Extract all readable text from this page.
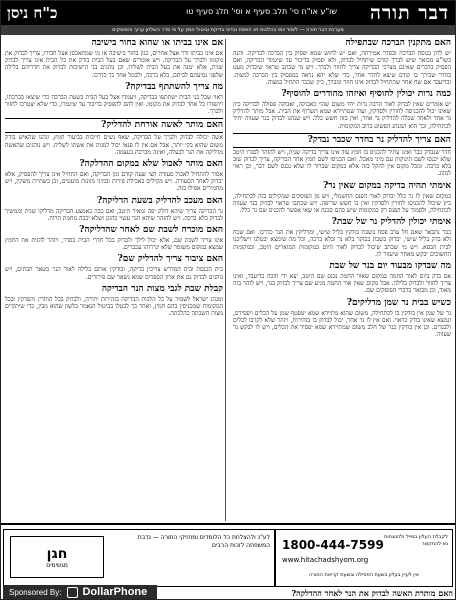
דבר תורה
שו"ע או"ח סי' תלב סעיף א וסי' תלג סעיף טו
כ"ח ניסן
מערכת דבר תורה — לימוד יומי בהלכות חג הפסח ובדיני בדיקת וביטול חמץ על פי סדר השלחן ערוך והפוסקים
האם מתקנין הברכה שבתפילה
יש לדון בנוסח הברכה ובסדר אמירתה, ואם יש לחוש שמא יפסיק בין הברכה לבדיקה. והנה בשו"ע מבואר שיש לברך קודם שיתחיל לבדוק, ולא יפסיק בדיבור עד שיגמור הבדיקה, ואם הפסיק בדברים שאינם מצרכי הבדיקה צריך לחזור ולברך. ויש מי שכתב שראוי שיבדוק מעט בחדר שבירך בו קודם שיצא לחדר אחר, כדי שלא יהא נראה כמפסיק בין הברכה למצוה. ובדיעבד אם שח אחר שהתחיל לבדוק אינו חוזר ומברך, כיון שכבר התחיל במצוה.
כמה נרות יכולין להוסיף ואיזהו מהודרים להוסיף?
יש אומרים שאין לבדוק לאור הרבה נרות יחד משום שהוי כאבוקה, ואבוקה פסולה לבדיקה כיון שאינו יכול להכניסה לחורין ולסדקין, ועוד שמתיירא שמא תשרוף את הבית. אבל מותר להדליק נר אחד ולאחר שכלה להדליק נר אחר, ואין בזה חשש כלל. ויש שנהגו לבדוק בנר שעווה יחיד לכתחילה, וכך הוא המנהג הפשוט ברוב המקומות.
האם צריך להדליק נר בחדר שכבר נבדק?
חדר שנבדק כבר ואינו עתיד להכניס בו חמץ עוד אינו צריך בדיקה שנית, ויש להזהר לסגרו היטב שלא יכנסו לשם תינוקות עם מיני מאכל. ואם הכניסו לשם חמץ אחר הבדיקה, צריך לבדוק שוב בלא ברכה. ומכל מקום אין להקל בזה אלא במקום שברור לו שלא נכנס לשם דבר, וכן ראוי לנהוג.
אימתי תהיה בדיקה במקום שאין נר?
במקום שאין לו נר כלל יבדוק לאור הפנס החשמלי, ויש מן הפוסקים שמקילים בזה לכתחילה, כיון שיכול להכניסו לחורין ולסדקין ואין בו חשש שריפה. ויש שכתבו שראוי לבדוק בנר שעווה לכתחילה, ולסמוך על הפנס רק במקומות שיש בהם סכנה או שאי אפשר להכניס שם נר כלל.
אימתי יכולין להדליק נר של שבת?
כבר נתבאר שאם חל ערב פסח בשבת בודקין בליל שישי, ומדליקין את הנר כדרכו. ואם שכח ולא בדק בליל שישי, יבדוק בשבת בבוקר בלא נר ובלא ברכה, וכל מה שימצא יבטלנו וישליכנו לבית הכסא. ויש מי שכתב שיכול לבדוק לאור היום במקומות המוארים היטב, ובמקומות החשוכים יבקש מאחר שיעזור לו.
מה שבדקו מבעוד יום בנר של שבת
אם בדק ביום לאור החמה במקום שאור החמה נכנס שם היטב, יצא ידי חובה בדיעבד, ואינו צריך לחזור ולבדוק בלילה. אבל מקום שאין אור החמה מגיע שם צריך לבדוק בנר, ויש לזהר בזה מאוד, וכן מבואר בדברי הפוסקים שם.
כשיש בבית נר שמן מדליקים?
נר של שמן אין בודקין בו לכתחילה, משום שהוא מתיירא שמא יטפטף שמן על הכלים ויפסידם, ונמצא שאינו בודק כראוי. ואם אין לו נר אחר, יכול לבדוק בו בזהירות, ויזהר שלא לקרבו לכלים ולבגדים. וכן אין בודקין בנר של חלב משום שמתיירא שמא יפסיד את הכלים, ויש לו לבקש נר שעווה.
אם אינו בביתו או שהוא בחור בישיבה
אם אינו בביתו ודר אצל אחרים, כגון בחור בישיבה או מי שמתאכסן אצל חבירו, צריך לבדוק את מקומו ולברך על הבדיקה. ויש אומרים שאם בעל הבית בודק את כל הבית אינו צריך לבדוק שנית, אלא ימנה את בעל הבית לשליח. וכן נוהגים בני הישיבות לבדוק את חדריהם בלילה שלפני נסיעתם לביתם, בלא ברכה, ולבטל אחר כך כדרכו.
מה צריך להשתתף בבדיקה?
ראוי שכל בני הבית ישתתפו בבדיקה, ויעמדו אצל בעל הבית בשעת הברכה כדי שיצאו בברכתו, ויתפזרו כל אחד לבדוק את מקומו. ואין להם להפסיק בדיבור עד שיגמרו, כדי שלא יצטרכו לחזור ולברך.
האם מותר לאשה אורחת להדליק?
אשה יכולה לבדוק ולברך על הבדיקה, שאף נשים חייבות בביעור חמץ, ונהגו שהאיש בודק משום שהוא בקי יותר, אבל אם אין לו פנאי יכול למנות את אשתו לשליח. ויש נוהגים שהאשה מדליקה את הנר לבעלה, ואינה מברכת בעצמה.
האם מותר לאכול שלא במקום ההדלקה?
אסור להתחיל לאכול סעודה חצי שעה קודם זמן הבדיקה, ואם התחיל אינו צריך להפסיק, אלא יבדוק לאחר הסעודה. ויש מקילים באכילת פירות ובמיני מזונות מועטים, וכן בשתיית משקין, ויש מחמירים אפילו בזה.
האם מעכב להדליק בשעת הדליקה?
נר הבדיקה צריך שיהא דולק יפה ומאיר היטב, ואם כבה באמצע הבדיקה מדליקו שנית וממשיך לבדוק בלא ברכה. ויש להזהר שיהא הנר עשוי כהוגן ושלא יכבה מחמת הרוח.
האם מוכרח לשבת שם לאחר שהדליקה?
אינו צריך לשבת שם, אלא יכול לילך ולבדוק בכל חדרי הבית כסדר, ויזהר להניח את החמץ שמצא במקום משומר שלא יגררוהו עכברים.
האם ציבור צריך להדליק שם?
בית הכנסת ובית המדרש צריכין בדיקה, ובודקין אותם בלילה לאור הנר כשאר הבתים, ויש נוהגים לבדוק גם את ארון הספרים שמא נשאר שם פירורים.
קבלת שבת לגבי מצות הנר הבדיקה
ומנהג ישראל לשמור על כל הלכות הבדיקה בזהירות יתירה, ולבדוק בכל החורין והסדקין ובכל המקומות שמכניסין בהם חמץ, ואחר כך לבטלו בביטול הנאמר בלשון שהוא מבין, כדי שיתקיים מצות השבתה כהלכתה.
לע"נ ולהצלחת כל הלומדים ומחזיקי התורה — נדבת המשפחה לזכות הרבים
חגן
מגשימים
לקבלת העלון במייל ולהנצחות נא להתקשר
1800-444-7599
www.hitachadshyom.org
אין לעיין בעלון בשעת התפילה ובשעת קריאת התורה
Sponsored By: DollarPhone	האם מותרת האשה לבדוק את הנר לאחר ההדלקה?
